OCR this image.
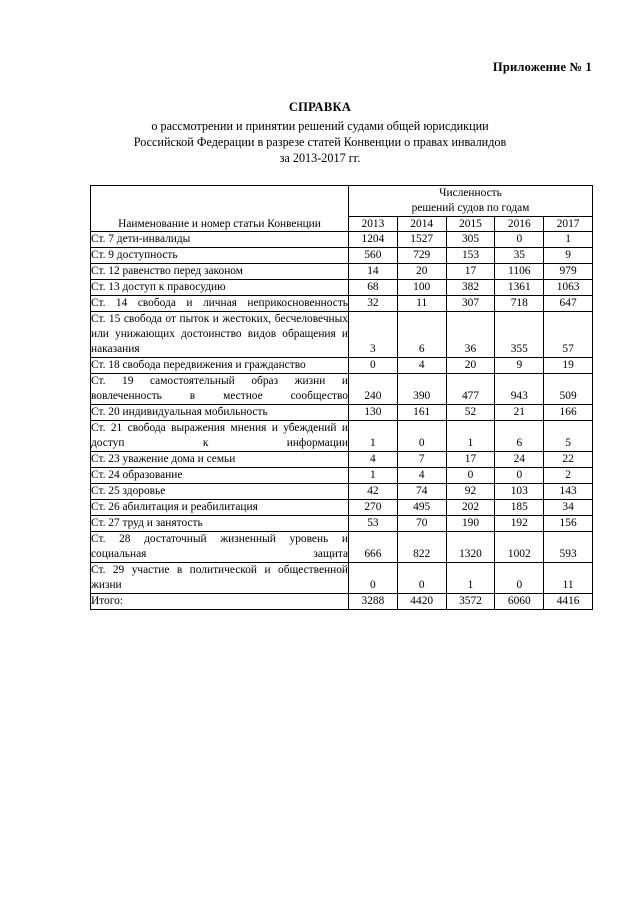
Приложение № 1
СПРАВКА
о рассмотрении и принятии решений судами общей юрисдикции
Российской Федерации в разрезе статей Конвенции о правах инвалидов
за 2013-2017 гг.
Наименование и номер статьи Конвенции	Численность
решений судов по годам				

	2013	2014	2015	2016	2017
Ст. 7 дети-инвалиды	1204	1527	305	0	1
Ст. 9 доступность	560	729	153	35	9
Ст. 12 равенство перед законом	14	20	17	1106	979
Ст. 13 доступ к правосудию	68	100	382	1361	1063
Ст. 14 свобода и личная неприкосновенность	32	11	307	718	647
Ст. 15 свобода от пыток и жестоких, бесчеловечных или унижающих достоинство видов обращения и наказания	3	6	36	355	57
Ст. 18 свобода передвижения и гражданство	0	4	20	9	19
Ст. 19 самостоятельный образ жизни и вовлеченность в местное сообщество	240	390	477	943	509
Ст. 20 индивидуальная мобильность	130	161	52	21	166
Ст. 21 свобода выражения мнения и убеждений и доступ к информации	1	0	1	6	5
Ст. 23 уважение дома и семьи	4	7	17	24	22
Ст. 24 образование	1	4	0	0	2
Ст. 25 здоровье	42	74	92	103	143
Ст. 26 абилитация и реабилитация	270	495	202	185	34
Ст. 27 труд и занятость	53	70	190	192	156
Ст. 28 достаточный жизненный уровень и социальная защита	666	822	1320	1002	593
Ст. 29 участие в политической и общественной жизни	0	0	1	0	11
Итого:	3288	4420	3572	6060	4416
